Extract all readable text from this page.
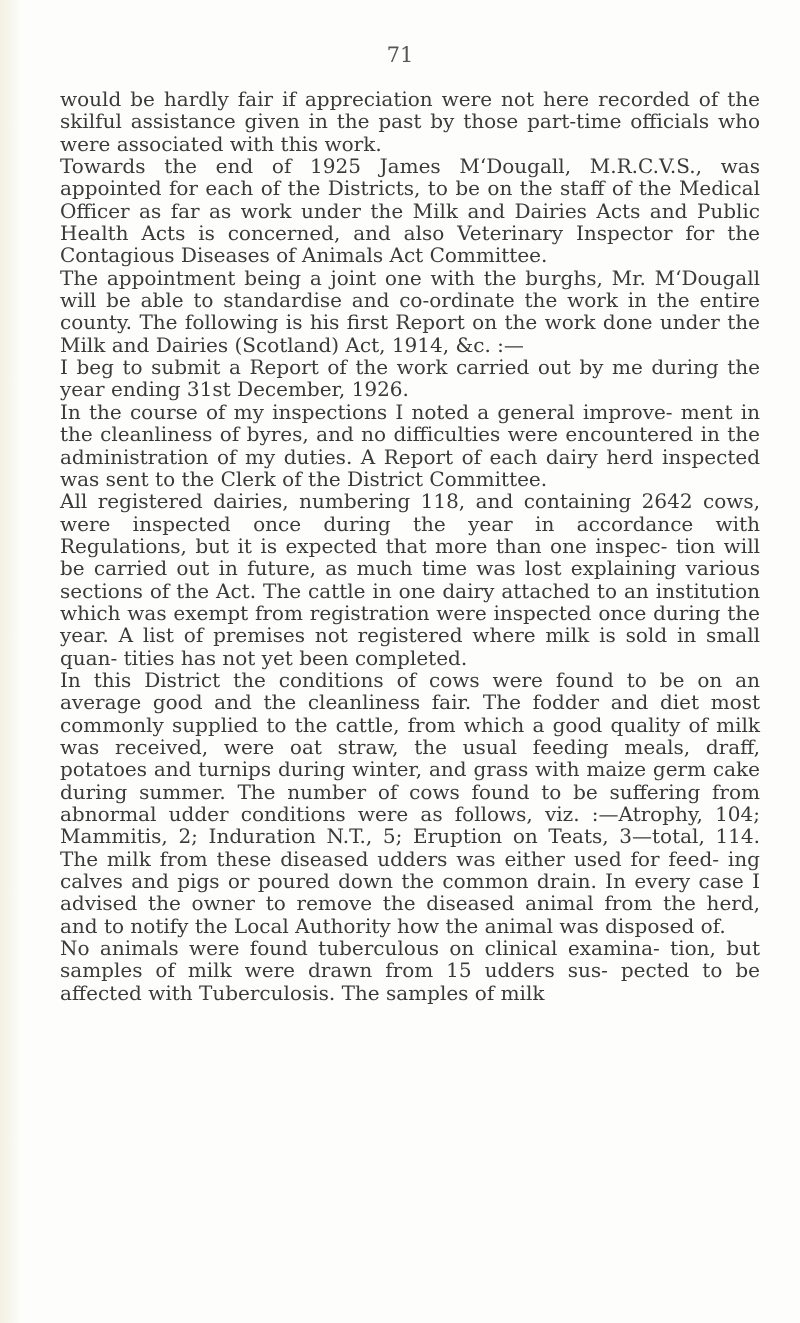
71

would be hardly fair if appreciation were not here recorded of the skilful assistance given in the past by those part-time officials who were associated with this work.

Towards the end of 1925 James M‘Dougall, M.R.C.V.S., was appointed for each of the Districts, to be on the staff of the Medical Officer as far as work under the Milk and Dairies Acts and Public Health Acts is concerned, and also Veterinary Inspector for the Contagious Diseases of Animals Act Committee.

The appointment being a joint one with the burghs, Mr. M‘Dougall will be able to standardise and co-ordinate the work in the entire county. The following is his first Report on the work done under the Milk and Dairies (Scotland) Act, 1914, &c. :—

I beg to submit a Report of the work carried out by me during the year ending 31st December, 1926.

In the course of my inspections I noted a general improve- ment in the cleanliness of byres, and no difficulties were encountered in the administration of my duties. A Report of each dairy herd inspected was sent to the Clerk of the District Committee.

All registered dairies, numbering 118, and containing 2642 cows, were inspected once during the year in accordance with Regulations, but it is expected that more than one inspec- tion will be carried out in future, as much time was lost explaining various sections of the Act. The cattle in one dairy attached to an institution which was exempt from registration were inspected once during the year. A list of premises not registered where milk is sold in small quan- tities has not yet been completed.

In this District the conditions of cows were found to be on an average good and the cleanliness fair. The fodder and diet most commonly supplied to the cattle, from which a good quality of milk was received, were oat straw, the usual feeding meals, draff, potatoes and turnips during winter, and grass with maize germ cake during summer. The number of cows found to be suffering from abnormal udder conditions were as follows, viz. :—Atrophy, 104; Mammitis, 2; Induration N.T., 5; Eruption on Teats, 3—total, 114. The milk from these diseased udders was either used for feed- ing calves and pigs or poured down the common drain. In every case I advised the owner to remove the diseased animal from the herd, and to notify the Local Authority how the animal was disposed of.

No animals were found tuberculous on clinical examina- tion, but samples of milk were drawn from 15 udders sus- pected to be affected with Tuberculosis. The samples of milk
